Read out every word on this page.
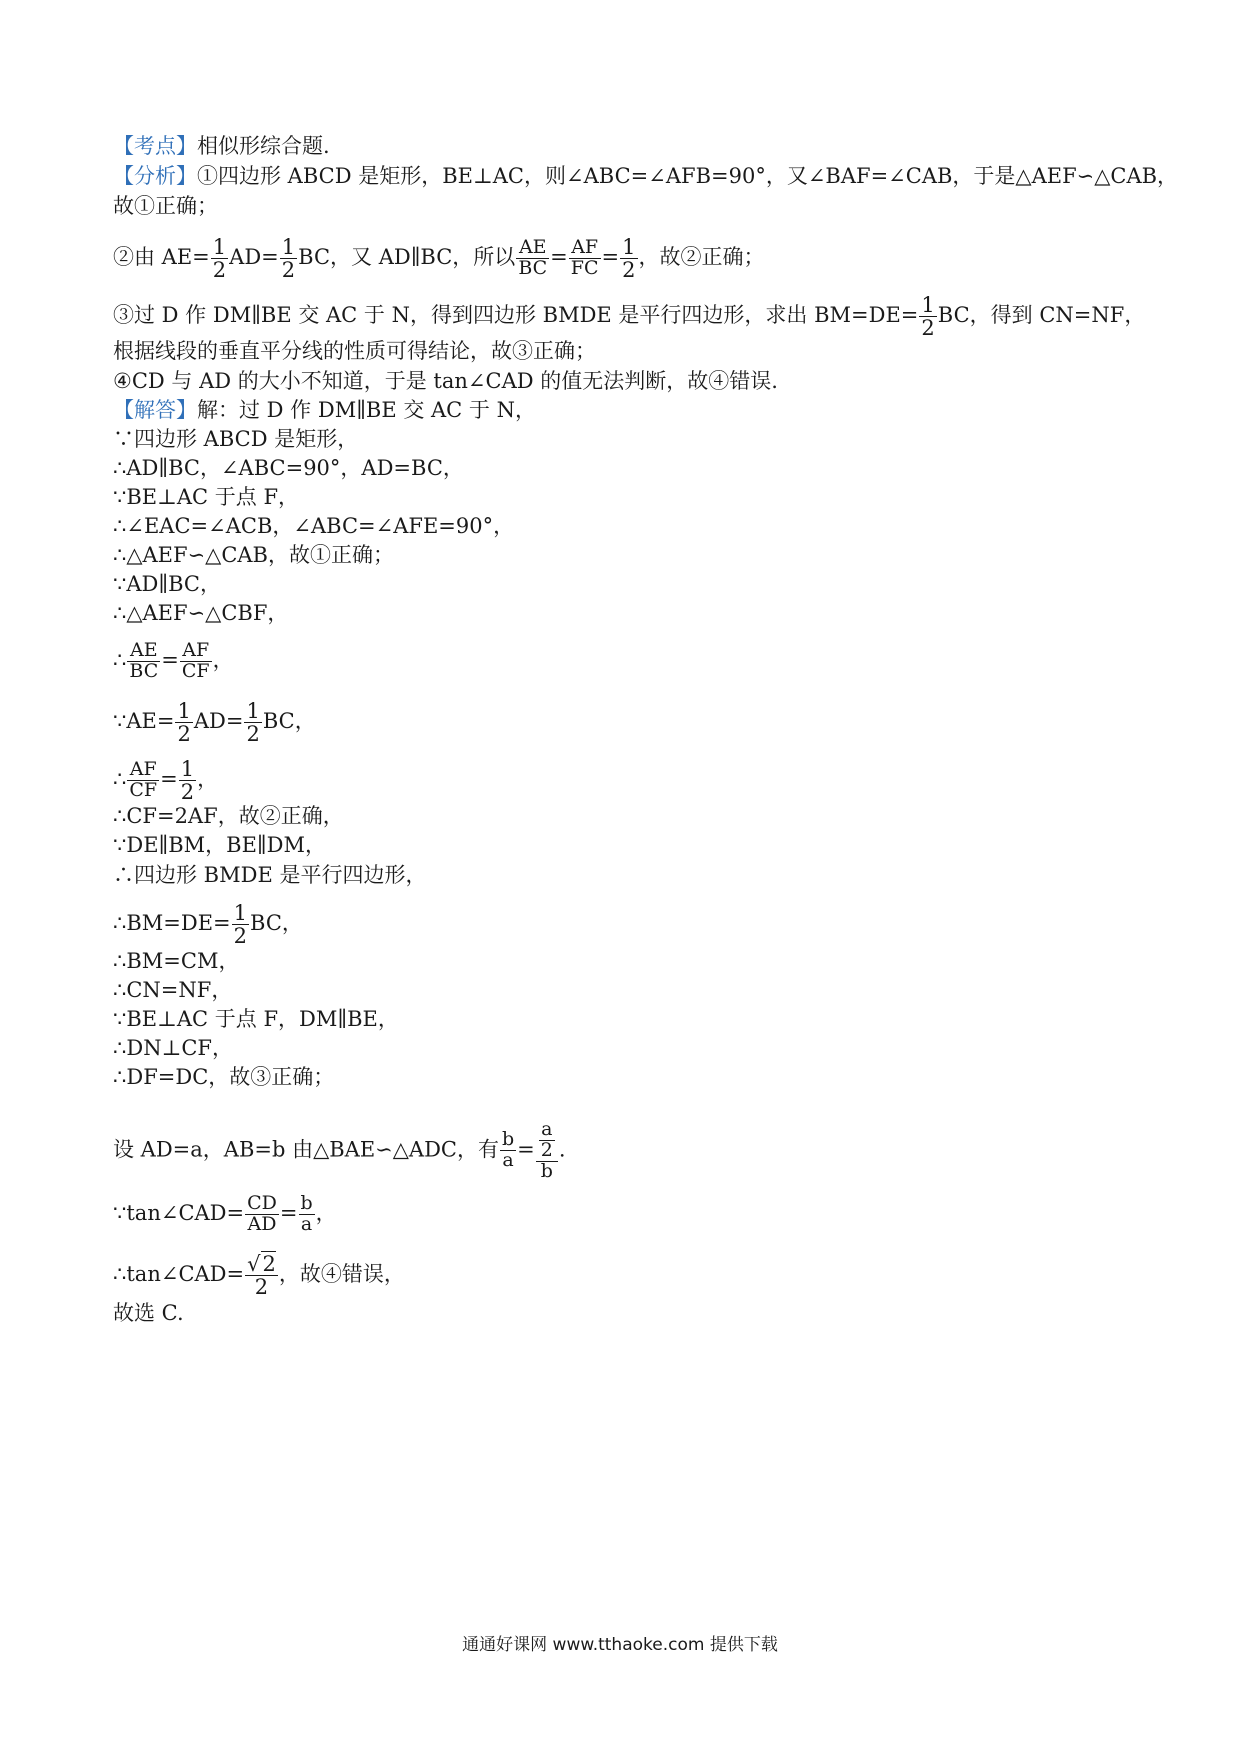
【考点】相似形综合题.
【分析】①四边形 ABCD 是矩形，BE⊥AC，则∠ABC=∠AFB=90°，又∠BAF=∠CAB，于是△AEF∽△CAB，
故①正确；
②由 $AE= \frac{1}{2} AD= \frac{1}{2}$ BC，又 AD∥BC，所以 $\frac{AE}{BC} = \frac{AF}{FC} = \frac{1}{2}$ ，故②正确；
③过 D 作 DM∥BE 交 AC 于 N，得到四边形 BMDE 是平行四边形，求出 $BM=DE= \frac{1}{2}$ BC，得到 CN=NF，
根据线段的垂直平分线的性质可得结论，故③正确；
④CD 与 AD 的大小不知道，于是 tan∠CAD 的值无法判断，故④错误.
【解答】解：过 D 作 DM∥BE 交 AC 于 N，
∵四边形 ABCD 是矩形，
∴AD∥BC，∠ABC=90°，AD=BC，
∵BE⊥AC 于点 F，
∴∠EAC=∠ACB，∠ABC=∠AFE=90°，
∴△AEF∽△CAB，故①正确；
∵AD∥BC，
∴△AEF∽△CBF，
∴ $\frac{AE}{BC} = \frac{AF}{CF}$ ，
∵AE= $\frac{1}{2} AD= \frac{1}{2}$ BC，
∴ $\frac{AF}{CF} = \frac{1}{2}$ ，
∴CF=2AF，故②正确，
∵DE∥BM，BE∥DM，
∴四边形 BMDE 是平行四边形，
∴BM=DE= $\frac{1}{2}$ BC，
∴BM=CM，
∴CN=NF，
∵BE⊥AC 于点 F，DM∥BE，
∴DN⊥CF，
∴DF=DC，故③正确；
设 AD=a，AB=b 由△BAE∽△ADC，有 $\frac{b}{a} = \frac{\frac{a}{2}}{b}$ .
∵tan∠CAD= $\frac{CD}{AD} = \frac{b}{a}$ ，
∴tan∠CAD= $\frac{√2}{2}$ ，故④错误，
故选 C.
通通好课网 www.tthaoke.com 提供下载
